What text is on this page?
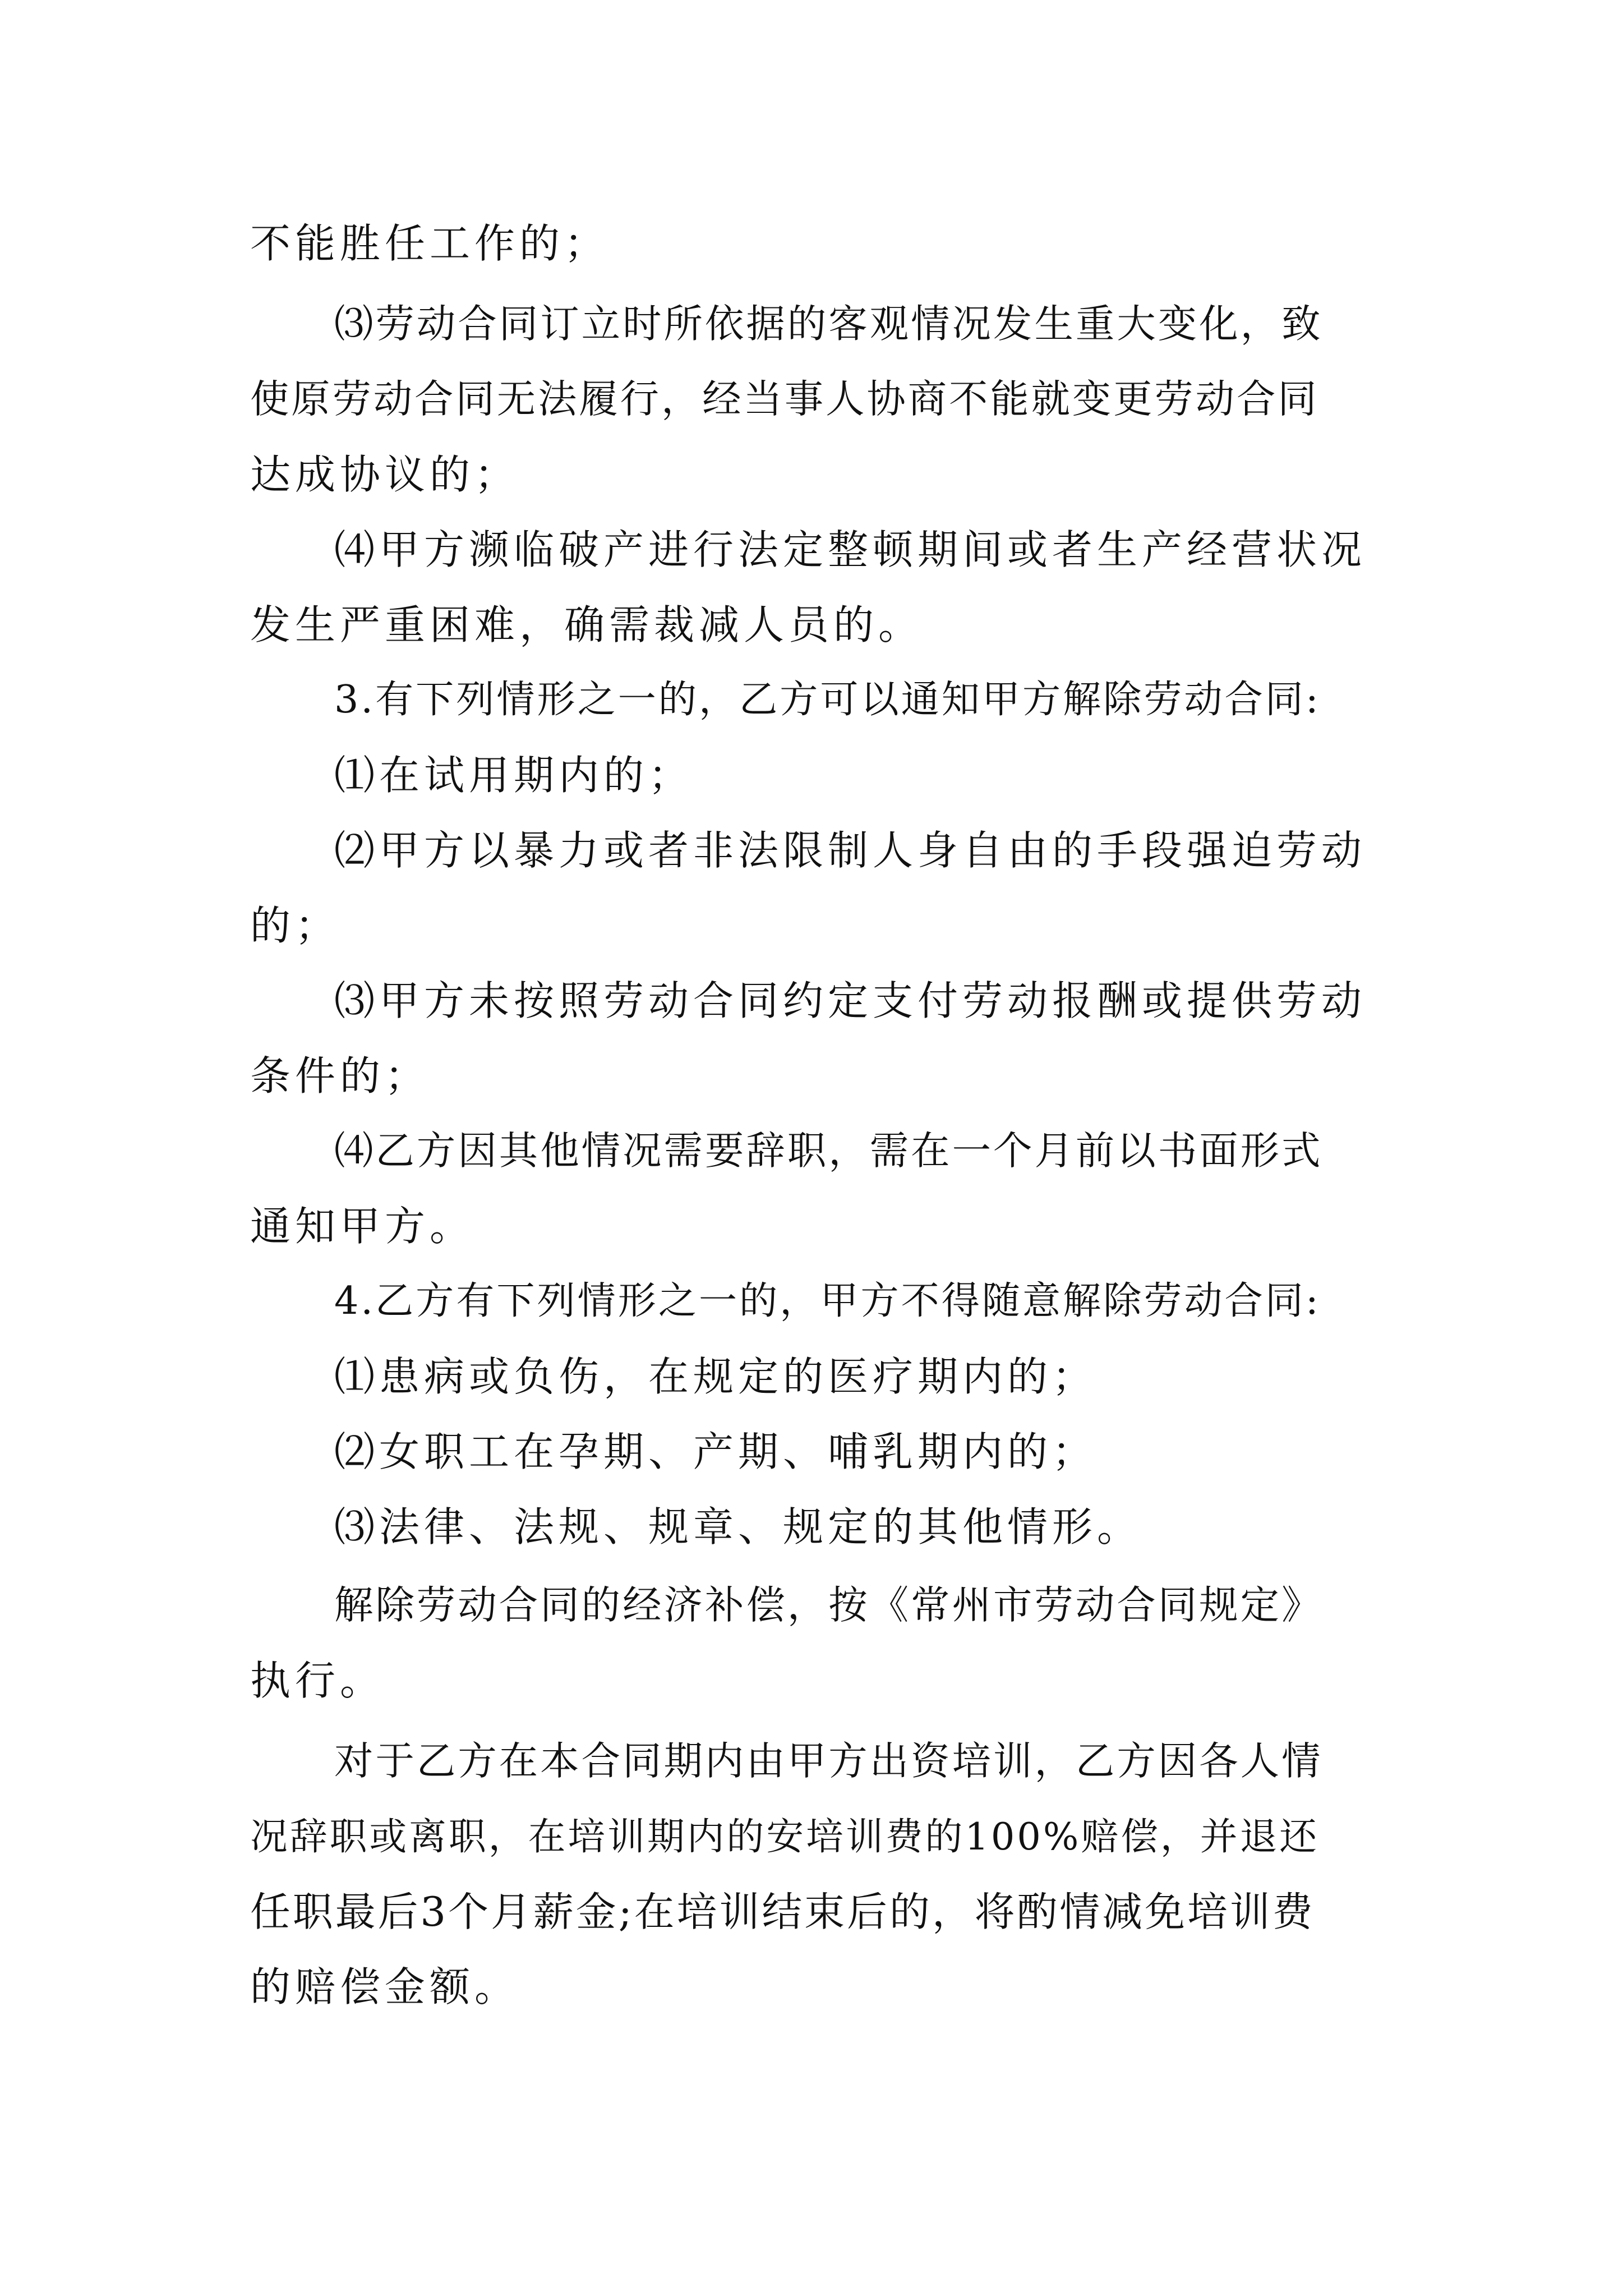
不能胜任工作的；
⑶劳动合同订立时所依据的客观情况发生重大变化，致
使原劳动合同无法履行，经当事人协商不能就变更劳动合同
达成协议的；
⑷甲方濒临破产进行法定整顿期间或者生产经营状况
发生严重困难，确需裁减人员的。
3.有下列情形之一的，乙方可以通知甲方解除劳动合同:
⑴在试用期内的；
⑵甲方以暴力或者非法限制人身自由的手段强迫劳动
的；
⑶甲方未按照劳动合同约定支付劳动报酬或提供劳动
条件的；
⑷乙方因其他情况需要辞职，需在一个月前以书面形式
通知甲方。
4.乙方有下列情形之一的，甲方不得随意解除劳动合同:
⑴患病或负伤，在规定的医疗期内的；
⑵女职工在孕期、产期、哺乳期内的；
⑶法律、法规、规章、规定的其他情形。
解除劳动合同的经济补偿，按《常州市劳动合同规定》
执行。
对于乙方在本合同期内由甲方出资培训，乙方因各人情
况辞职或离职，在培训期内的安培训费的100%赔偿，并退还
任职最后3个月薪金;在培训结束后的，将酌情减免培训费
的赔偿金额。
